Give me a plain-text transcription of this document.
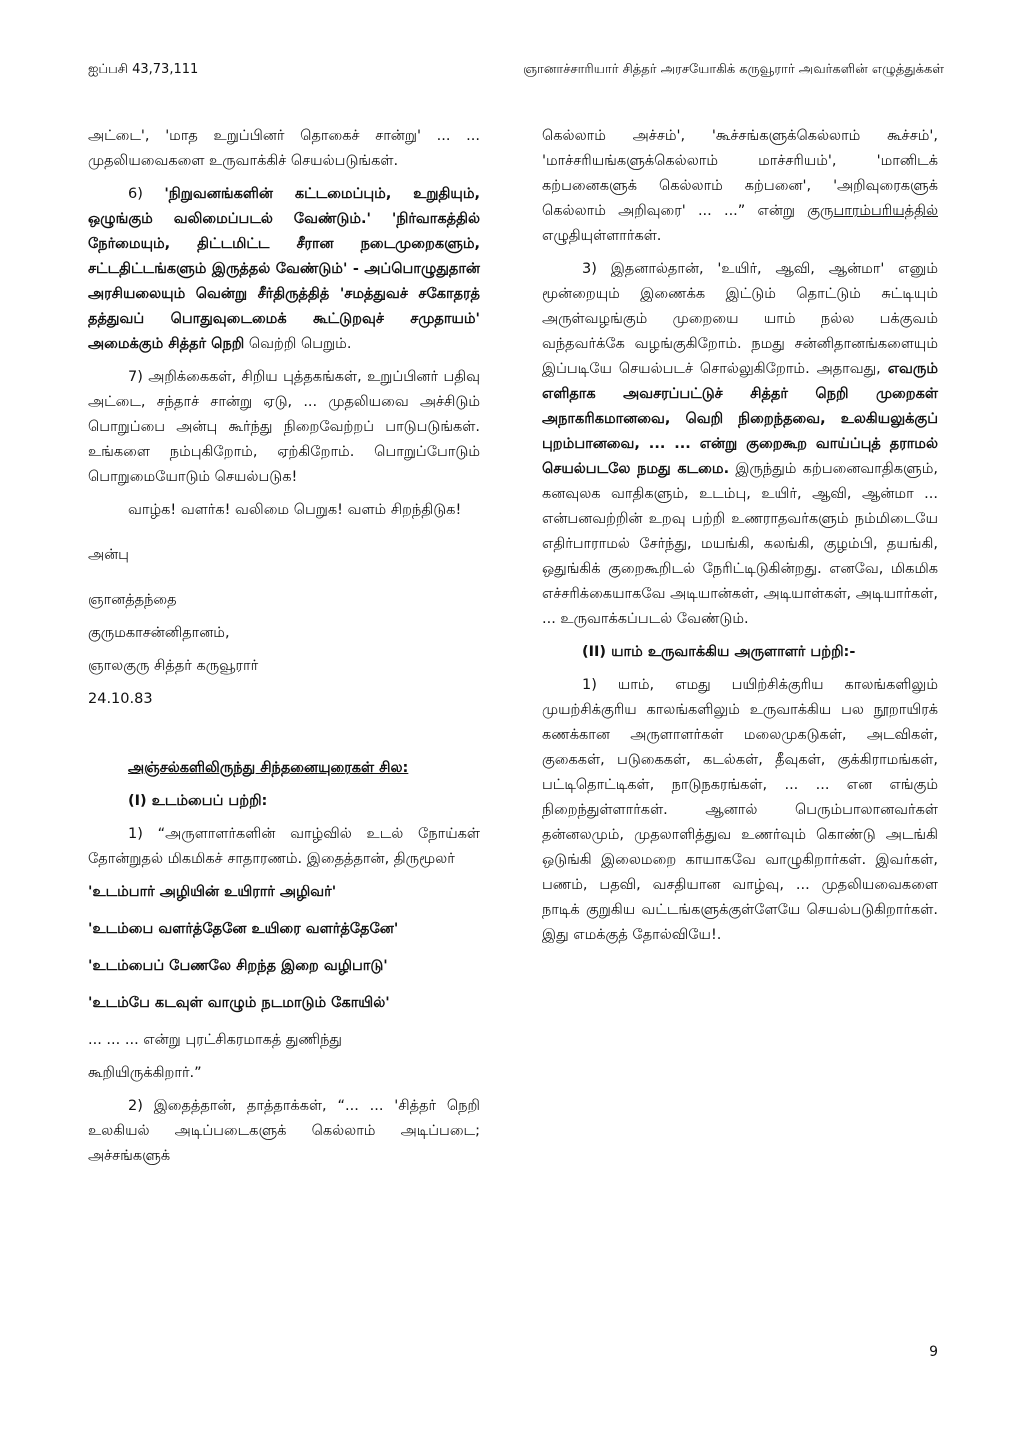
ஐப்பசி 43,73,111	ஞானாச்சாரியார் சித்தர் அரசயோகிக் கருவூரார் அவர்களின் எழுத்துக்கள்

அட்டை', 'மாத உறுப்பினர் தொகைச் சான்று' ... ... முதலியவைகளை உருவாக்கிச் செயல்படுங்கள்.

6) 'நிறுவனங்களின் கட்டமைப்பும், உறுதியும், ஒழுங்கும் வலிமைப்படல் வேண்டும்.' 'நிர்வாகத்தில் நேர்மையும், திட்டமிட்ட சீரான நடைமுறைகளும், சட்டதிட்டங்களும் இருத்தல் வேண்டும்' - அப்பொழுதுதான் அரசியலையும் வென்று சீர்திருத்தித் 'சமத்துவச் சகோதரத் தத்துவப் பொதுவுடைமைக் கூட்டுறவுச் சமுதாயம்' அமைக்கும் சித்தர் நெறி வெற்றி பெறும்.

7) அறிக்கைகள், சிறிய புத்தகங்கள், உறுப்பினர் பதிவு அட்டை, சந்தாச் சான்று ஏடு, ... முதலியவை அச்சிடும் பொறுப்பை அன்பு கூர்ந்து நிறைவேற்றப் பாடுபடுங்கள். உங்களை நம்புகிறோம், ஏற்கிறோம். பொறுப்போடும் பொறுமையோடும் செயல்படுக!

வாழ்க! வளர்க! வலிமை பெறுக! வளம் சிறந்திடுக!

அன்பு

ஞானத்தந்தை

குருமகாசன்னிதானம்,

ஞாலகுரு சித்தர் கருவூரார்

24.10.83

அஞ்சல்களிலிருந்து சிந்தனையுரைகள் சில:

(I) உடம்பைப் பற்றி:

1) “அருளாளர்களின் வாழ்வில் உடல் நோய்கள் தோன்றுதல் மிகமிகச் சாதாரணம். இதைத்தான், திருமூலர்

'உடம்பார் அழியின் உயிரார் அழிவர்'

'உடம்பை வளர்த்தேனே உயிரை வளர்த்தேனே'

'உடம்பைப் பேணலே சிறந்த இறை வழிபாடு'

'உடம்பே கடவுள் வாழும் நடமாடும் கோயில்'

... ... ... என்று புரட்சிகரமாகத் துணிந்து

கூறியிருக்கிறார்.”

2) இதைத்தான், தாத்தாக்கள், “... ... 'சித்தர் நெறி உலகியல் அடிப்படைகளுக் கெல்லாம் அடிப்படை; அச்சங்களுக்

கெல்லாம் அச்சம்', 'கூச்சங்களுக்கெல்லாம் கூச்சம்', 'மாச்சரியங்களுக்கெல்லாம் மாச்சரியம்', 'மானிடக் கற்பனைகளுக் கெல்லாம் கற்பனை', 'அறிவுரைகளுக் கெல்லாம் அறிவுரை' ... ...” என்று குருபாரம்பரியத்தில் எழுதியுள்ளார்கள்.

3) இதனால்தான், 'உயிர், ஆவி, ஆன்மா' எனும் மூன்றையும் இணைக்க இட்டும் தொட்டும் சுட்டியும் அருள்வழங்கும் முறையை யாம் நல்ல பக்குவம் வந்தவர்க்கே வழங்குகிறோம். நமது சன்னிதானங்களையும் இப்படியே செயல்படச் சொல்லுகிறோம். அதாவது, எவரும் எளிதாக அவசரப்பட்டுச் சித்தர் நெறி முறைகள் அநாகரிகமானவை, வெறி நிறைந்தவை, உலகியலுக்குப் புறம்பானவை, ... ... என்று குறைகூற வாய்ப்புத் தராமல் செயல்படலே நமது கடமை. இருந்தும் கற்பனைவாதிகளும், கனவுலக வாதிகளும், உடம்பு, உயிர், ஆவி, ஆன்மா ... என்பனவற்றின் உறவு பற்றி உணராதவர்களும் நம்மிடையே எதிர்பாராமல் சேர்ந்து, மயங்கி, கலங்கி, குழம்பி, தயங்கி, ஒதுங்கிக் குறைகூறிடல் நேரிட்டிடுகின்றது. எனவே, மிகமிக எச்சரிக்கையாகவே அடியான்கள், அடியாள்கள், அடியார்கள், ... உருவாக்கப்படல் வேண்டும்.

(II) யாம் உருவாக்கிய அருளாளர் பற்றி:-

1) யாம், எமது பயிற்சிக்குரிய காலங்களிலும் முயற்சிக்குரிய காலங்களிலும் உருவாக்கிய பல நூறாயிரக் கணக்கான அருளாளர்கள் மலைமுகடுகள், அடவிகள், குகைகள், படுகைகள், கடல்கள், தீவுகள், குக்கிராமங்கள், பட்டிதொட்டிகள், நாடுநகரங்கள், ... ... என எங்கும் நிறைந்துள்ளார்கள். ஆனால் பெரும்பாலானவர்கள் தன்னலமும், முதலாளித்துவ உணர்வும் கொண்டு அடங்கி ஒடுங்கி இலைமறை காயாகவே வாழுகிறார்கள். இவர்கள், பணம், பதவி, வசதியான வாழ்வு, ... முதலியவைகளை நாடிக் குறுகிய வட்டங்களுக்குள்ளேயே செயல்படுகிறார்கள். இது எமக்குத் தோல்வியே!.

9
